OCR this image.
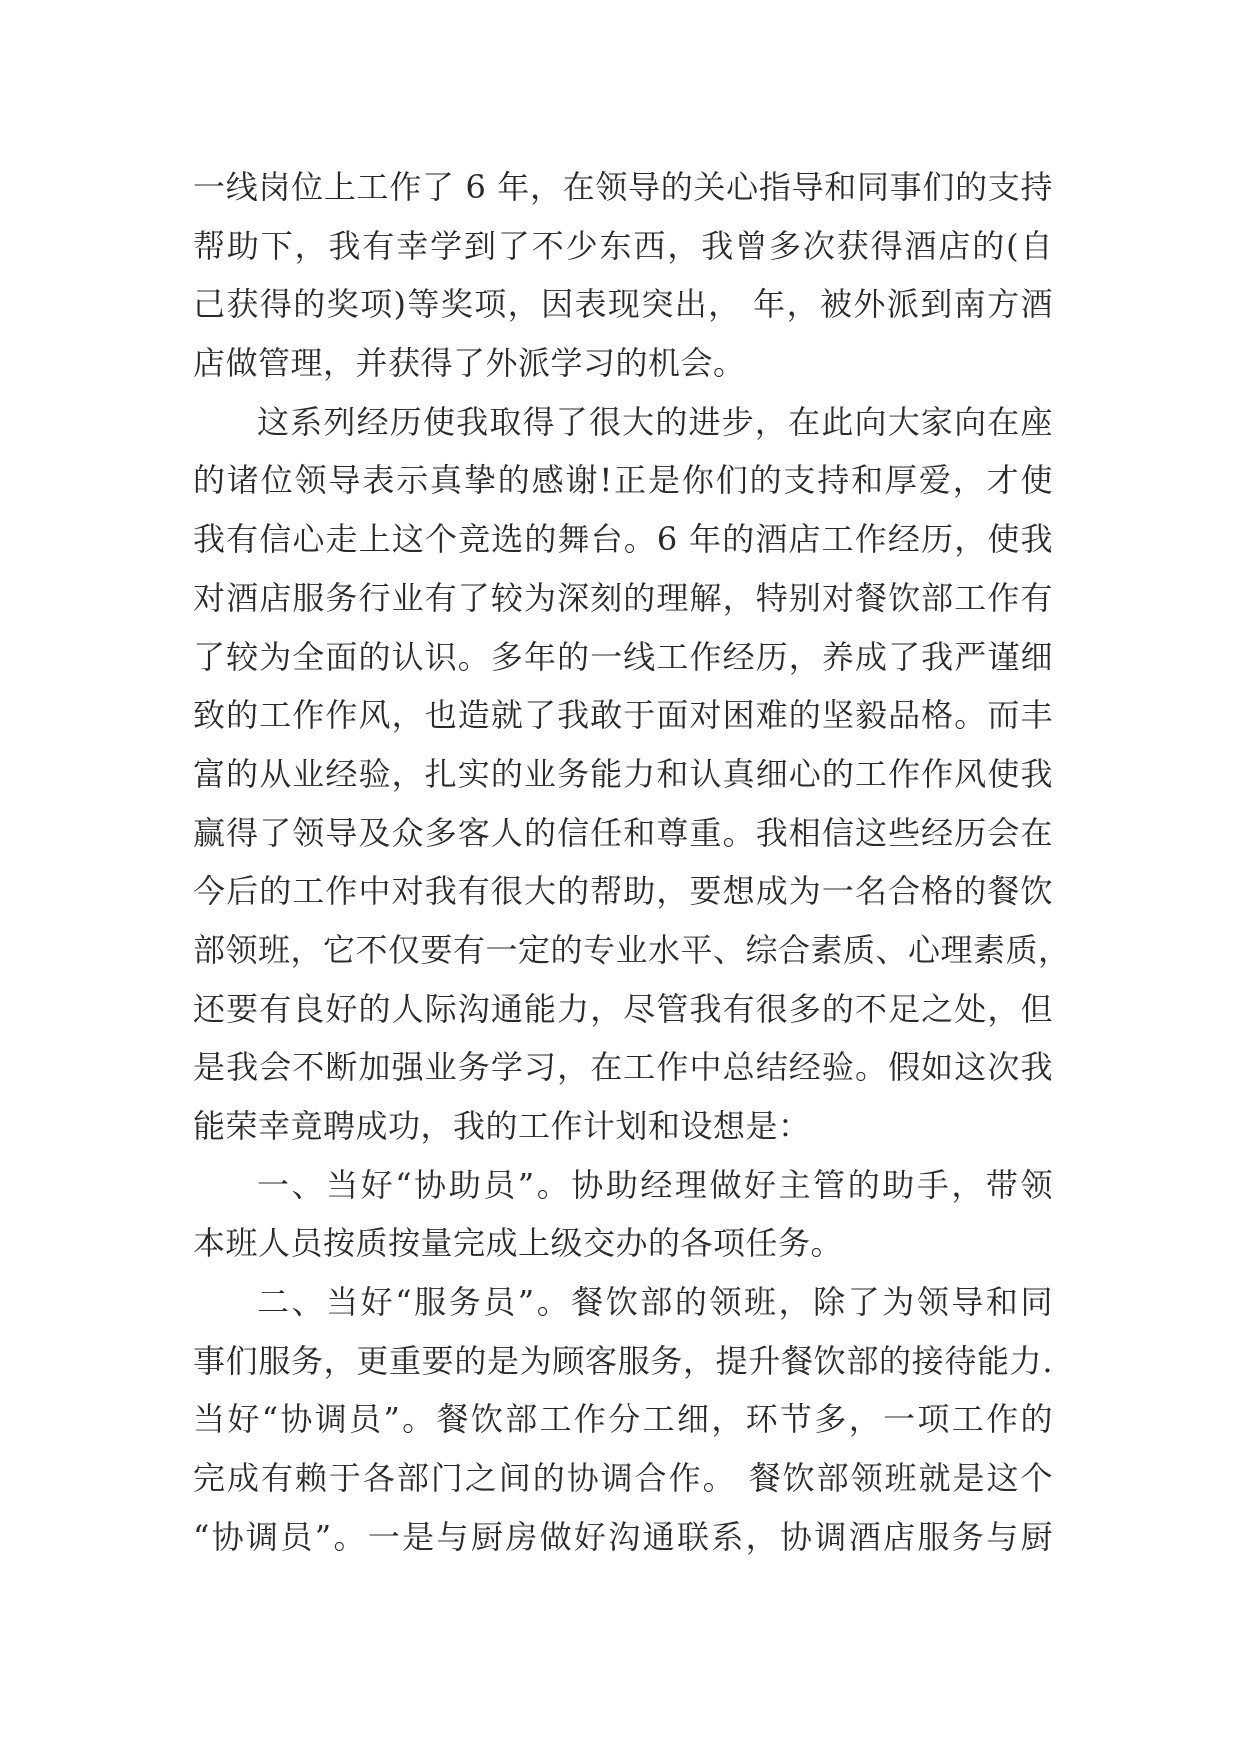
一线岗位上工作了 6 年，在领导的关心指导和同事们的支持
帮助下，我有幸学到了不少东西，我曾多次获得酒店的(自
己获得的奖项)等奖项，因表现突出， 年，被外派到南方酒
店做管理，并获得了外派学习的机会。
这系列经历使我取得了很大的进步，在此向大家向在座
的诸位领导表示真挚的感谢!正是你们的支持和厚爱，才使
我有信心走上这个竞选的舞台。6 年的酒店工作经历，使我
对酒店服务行业有了较为深刻的理解，特别对餐饮部工作有
了较为全面的认识。多年的一线工作经历，养成了我严谨细
致的工作作风，也造就了我敢于面对困难的坚毅品格。而丰
富的从业经验，扎实的业务能力和认真细心的工作作风使我
赢得了领导及众多客人的信任和尊重。我相信这些经历会在
今后的工作中对我有很大的帮助，要想成为一名合格的餐饮
部领班，它不仅要有一定的专业水平、综合素质、心理素质，
还要有良好的人际沟通能力，尽管我有很多的不足之处，但
是我会不断加强业务学习，在工作中总结经验。假如这次我
能荣幸竟聘成功，我的工作计划和设想是：
一、当好“协助员”。协助经理做好主管的助手，带领
本班人员按质按量完成上级交办的各项任务。
二、当好“服务员”。餐饮部的领班，除了为领导和同
事们服务，更重要的是为顾客服务，提升餐饮部的接待能力.
当好“协调员”。餐饮部工作分工细，环节多，一项工作的
完成有赖于各部门之间的协调合作。 餐饮部领班就是这个
“协调员”。一是与厨房做好沟通联系，协调酒店服务与厨
